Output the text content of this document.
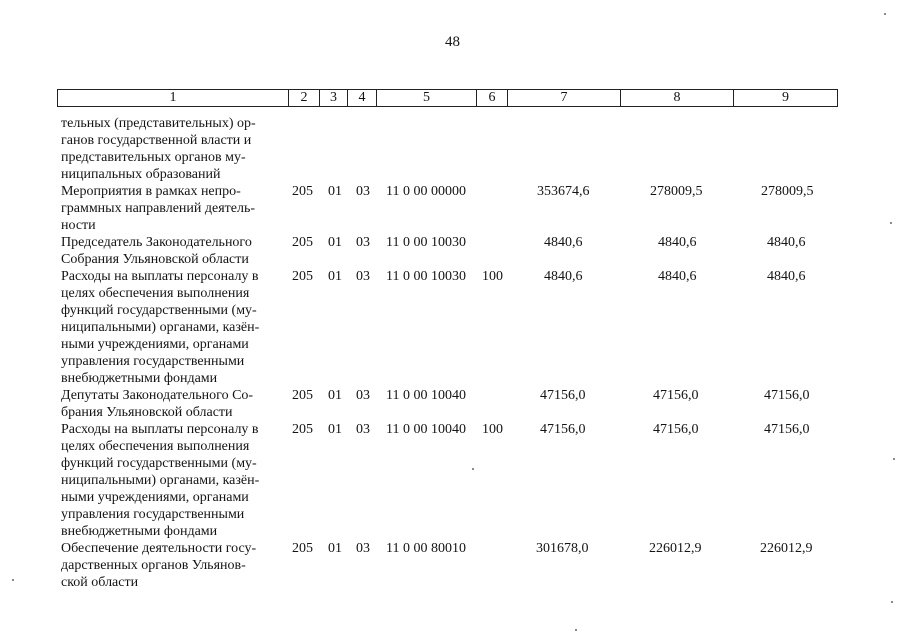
48
1	2	3	4	5	6	7	8	9
тельных (представительных) ор-
ганов государственной власти и
представительных органов му-
ниципальных образований
Мероприятия в рамках непро-
граммных направлений деятель-
ности
205 01 03 11 0 00 00000	353674,6	278009,5	278009,5
Председатель Законодательного
Собрания Ульяновской области
205 01 03 11 0 00 10030	4840,6	4840,6	4840,6
Расходы на выплаты персоналу в
целях обеспечения выполнения
функций государственными (му-
ниципальными) органами, казён-
ными учреждениями, органами
управления государственными
внебюджетными фондами
205 01 03 11 0 00 10030 100	4840,6	4840,6	4840,6
Депутаты Законодательного Со-
брания Ульяновской области
205 01 03 11 0 00 10040	47156,0	47156,0	47156,0
Расходы на выплаты персоналу в
целях обеспечения выполнения
функций государственными (му-
ниципальными) органами, казён-
ными учреждениями, органами
управления государственными
внебюджетными фондами
205 01 03 11 0 00 10040 100	47156,0	47156,0	47156,0
Обеспечение деятельности госу-
дарственных органов Ульянов-
ской области
205 01 03 11 0 00 80010	301678,0	226012,9	226012,9
